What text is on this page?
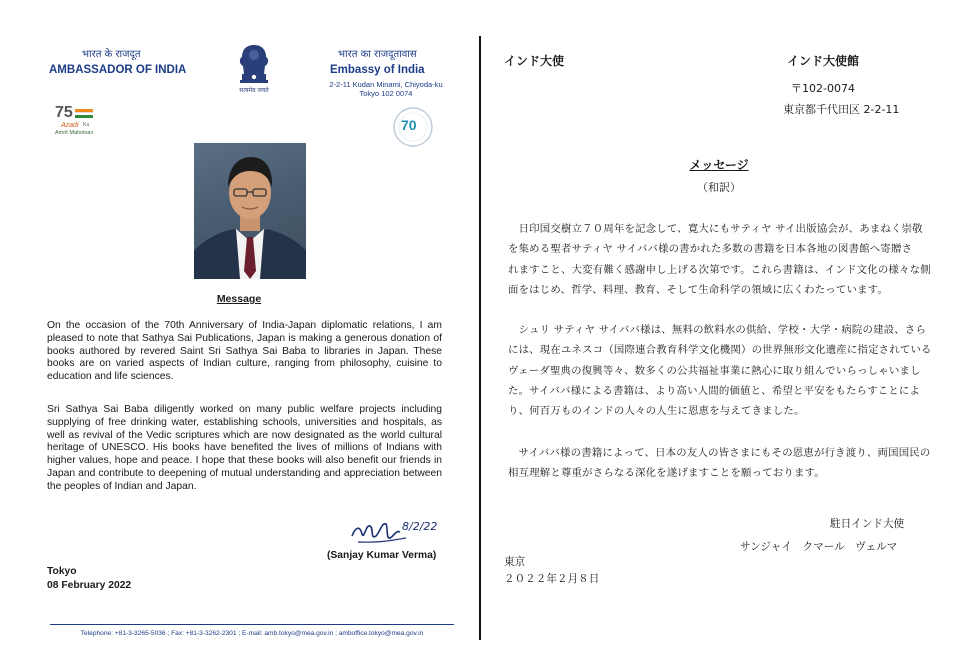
भारत के राजदूत
AMBASSADOR OF INDIA
सत्यमेव जयते
भारत का राजदूतावास
Embassy of India
2-2-11 Kudan Minami, Chiyoda-ku
Tokyo 102 0074
75
Azadi Ka
Amrit Mahotsav	70
Message
On the occasion of the 70th Anniversary of India-Japan diplomatic relations, I am pleased to note that Sathya Sai Publications, Japan is making a generous donation of books authored by revered Saint Sri Sathya Sai Baba to libraries in Japan. These books are on varied aspects of Indian culture, ranging from philosophy, cuisine to education and life sciences.
Sri Sathya Sai Baba diligently worked on many public welfare projects including supplying of free drinking water, establishing schools, universities and hospitals, as well as revival of the Vedic scriptures which are now designated as the world cultural heritage of UNESCO. His books have benefited the lives of millions of Indians with higher values, hope and peace. I hope that these books will also benefit our friends in Japan and contribute to deepening of mutual understanding and appreciation between the peoples of Indian and Japan.
8/2/22
(Sanjay Kumar Verma)
Tokyo
08 February 2022
Telephone: +81-3-3265-5036 ; Fax: +81-3-3262-2301 ; E-mail: amb.tokyo@mea.gov.in ; amboffice.tokyo@mea.gov.in
インド大使	インド大使館
〒102-0074
東京都千代田区 2-2-11
メッセージ
（和訳）
　日印国交樹立７０周年を記念して、寛大にもサティヤ サイ出版協会が、あまねく崇敬
を集める聖者サティヤ サイババ様の書かれた多数の書籍を日本各地の図書館へ寄贈さ
れますこと、大変有難く感謝申し上げる次第です。これら書籍は、インド文化の様々な側
面をはじめ、哲学、料理、教育、そして生命科学の領域に広くわたっています。
　シュリ サティヤ サイババ様は、無料の飲料水の供給、学校・大学・病院の建設、さら
には、現在ユネスコ（国際連合教育科学文化機関）の世界無形文化遺産に指定されている
ヴェーダ聖典の復興等々、数多くの公共福祉事業に熱心に取り組んでいらっしゃいまし
た。サイババ様による書籍は、より高い人間的価値と、希望と平安をもたらすことによ
り、何百万ものインドの人々の人生に恩恵を与えてきました。
　サイババ様の書籍によって、日本の友人の皆さまにもその恩恵が行き渡り、両国国民の
相互理解と尊重がさらなる深化を遂げますことを願っております。
駐日インド大使
サンジャイ　クマール　ヴェルマ
東京
２０２２年２月８日
